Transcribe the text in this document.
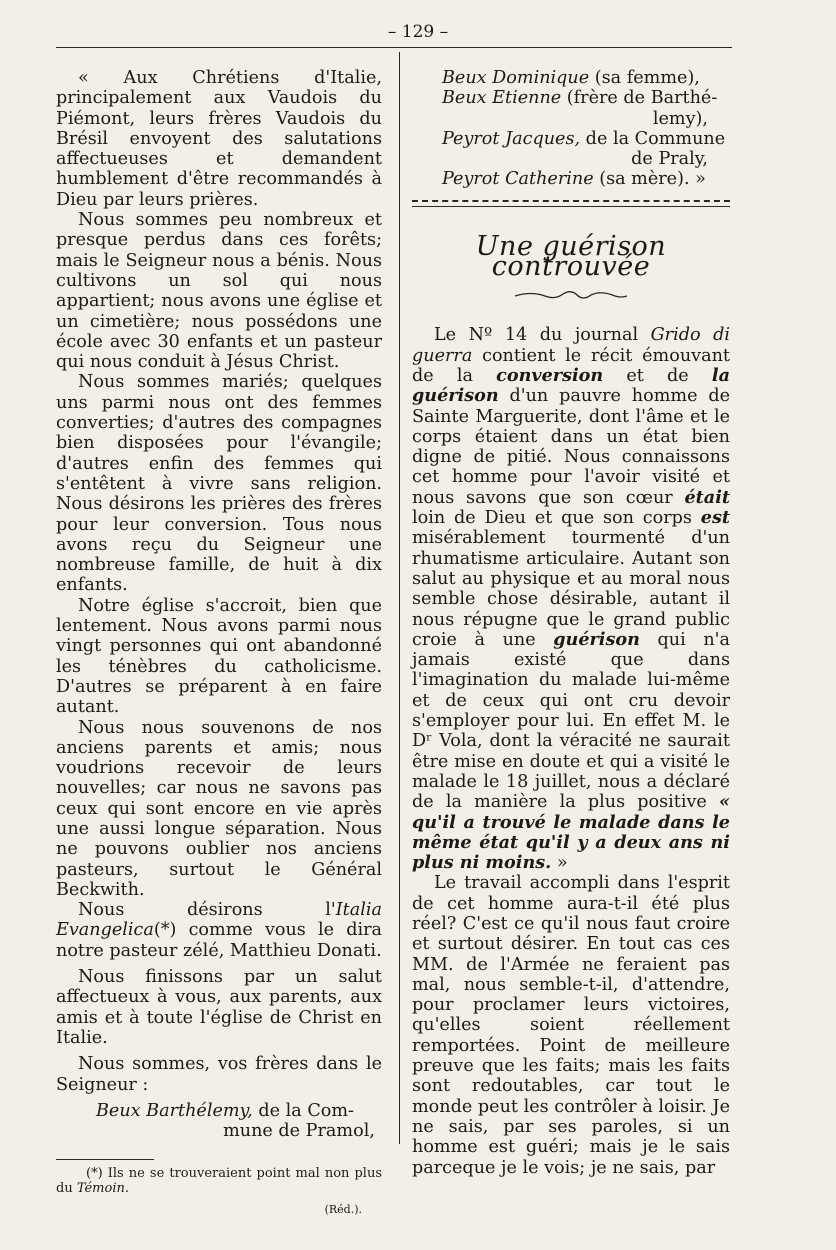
– 129 –

« Aux Chrétiens d'Italie, principalement aux Vaudois du Piémont, leurs frères Vaudois du Brésil envoyent des salutations affectueuses et demandent humblement d'être recommandés à Dieu par leurs prières.

Nous sommes peu nombreux et presque perdus dans ces forêts; mais le Seigneur nous a bénis. Nous cultivons un sol qui nous appartient; nous avons une église et un cimetière; nous possédons une école avec 30 enfants et un pasteur qui nous conduit à Jésus Christ.

Nous sommes mariés; quelques uns parmi nous ont des femmes converties; d'autres des compagnes bien disposées pour l'évangile; d'autres enfin des femmes qui s'entêtent à vivre sans religion. Nous désirons les prières des frères pour leur conversion. Tous nous avons reçu du Seigneur une nombreuse famille, de huit à dix enfants.

Notre église s'accroit, bien que lentement. Nous avons parmi nous vingt personnes qui ont abandonné les ténèbres du catholicisme. D'autres se préparent à en faire autant.

Nous nous souvenons de nos anciens parents et amis; nous voudrions recevoir de leurs nouvelles; car nous ne savons pas ceux qui sont encore en vie après une aussi longue séparation. Nous ne pouvons oublier nos anciens pasteurs, surtout le Général Beckwith.

Nous désirons l'Italia Evangelica(*) comme vous le dira notre pasteur zélé, Matthieu Donati.

Nous finissons par un salut affectueux à vous, aux parents, aux amis et à toute l'église de Christ en Italie.

Nous sommes, vos frères dans le Seigneur :

Beux Barthélemy, de la Com-
mune de Pramol,

(*) Ils ne se trouveraient point mal non plus du Témoin.

(Réd.).

Beux Dominique (sa femme),

Beux Etienne (frère de Barthé-
lemy),

Peyrot Jacques, de la Commune
de Praly,

Peyrot Catherine (sa mère). »

Une guérison controuvée

Le Nº 14 du journal Grido di guerra contient le récit émouvant de la conversion et de la guérison d'un pauvre homme de Sainte Marguerite, dont l'âme et le corps étaient dans un état bien digne de pitié. Nous connaissons cet homme pour l'avoir visité et nous savons que son cœur était loin de Dieu et que son corps est misérablement tourmenté d'un rhumatisme articulaire. Autant son salut au physique et au moral nous semble chose désirable, autant il nous répugne que le grand public croie à une guérison qui n'a jamais existé que dans l'imagination du malade lui-même et de ceux qui ont cru devoir s'employer pour lui. En effet M. le Dʳ Vola, dont la véracité ne saurait être mise en doute et qui a visité le malade le 18 juillet, nous a déclaré de la manière la plus positive « qu'il a trouvé le malade dans le même état qu'il y a deux ans ni plus ni moins. »

Le travail accompli dans l'esprit de cet homme aura-t-il été plus réel? C'est ce qu'il nous faut croire et surtout désirer. En tout cas ces MM. de l'Armée ne feraient pas mal, nous semble-t-il, d'attendre, pour proclamer leurs victoires, qu'elles soient réellement remportées. Point de meilleure preuve que les faits; mais les faits sont redoutables, car tout le monde peut les contrôler à loisir. Je ne sais, par ses paroles, si un homme est guéri; mais je le sais parceque je le vois; je ne sais, par
